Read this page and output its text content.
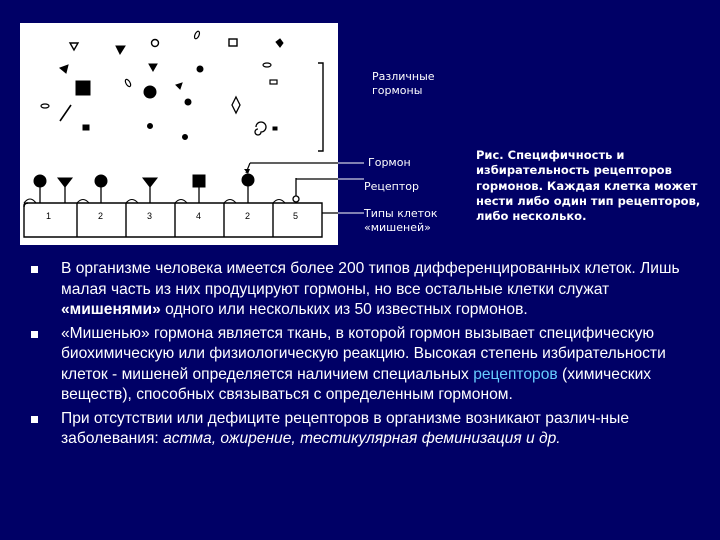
1	2	3	4	2	5
Различные гормоны
Гормон
Рецептор
Типы клеток «мишеней»
Рис. Специфичность и избирательность рецепторов гормонов. Каждая клетка может нести либо один тип рецепторов, либо несколько.
В организме человека имеется более 200 типов дифференцированных клеток. Лишь малая часть из них продуцируют гормоны, но все остальные клетки служат «мишенями» одного или нескольких из 50 известных гормонов.
«Мишенью» гормона является ткань, в которой гормон вызывает специфическую биохимическую или физиологическую реакцию. Высокая степень избирательности клеток - мишеней определяется наличием специальных рецепторов (химических веществ), способных связываться с определенным гормоном.
При отсутствии или дефиците рецепторов в организме возникают различ-ные заболевания: астма, ожирение, тестикулярная феминизация и др.
